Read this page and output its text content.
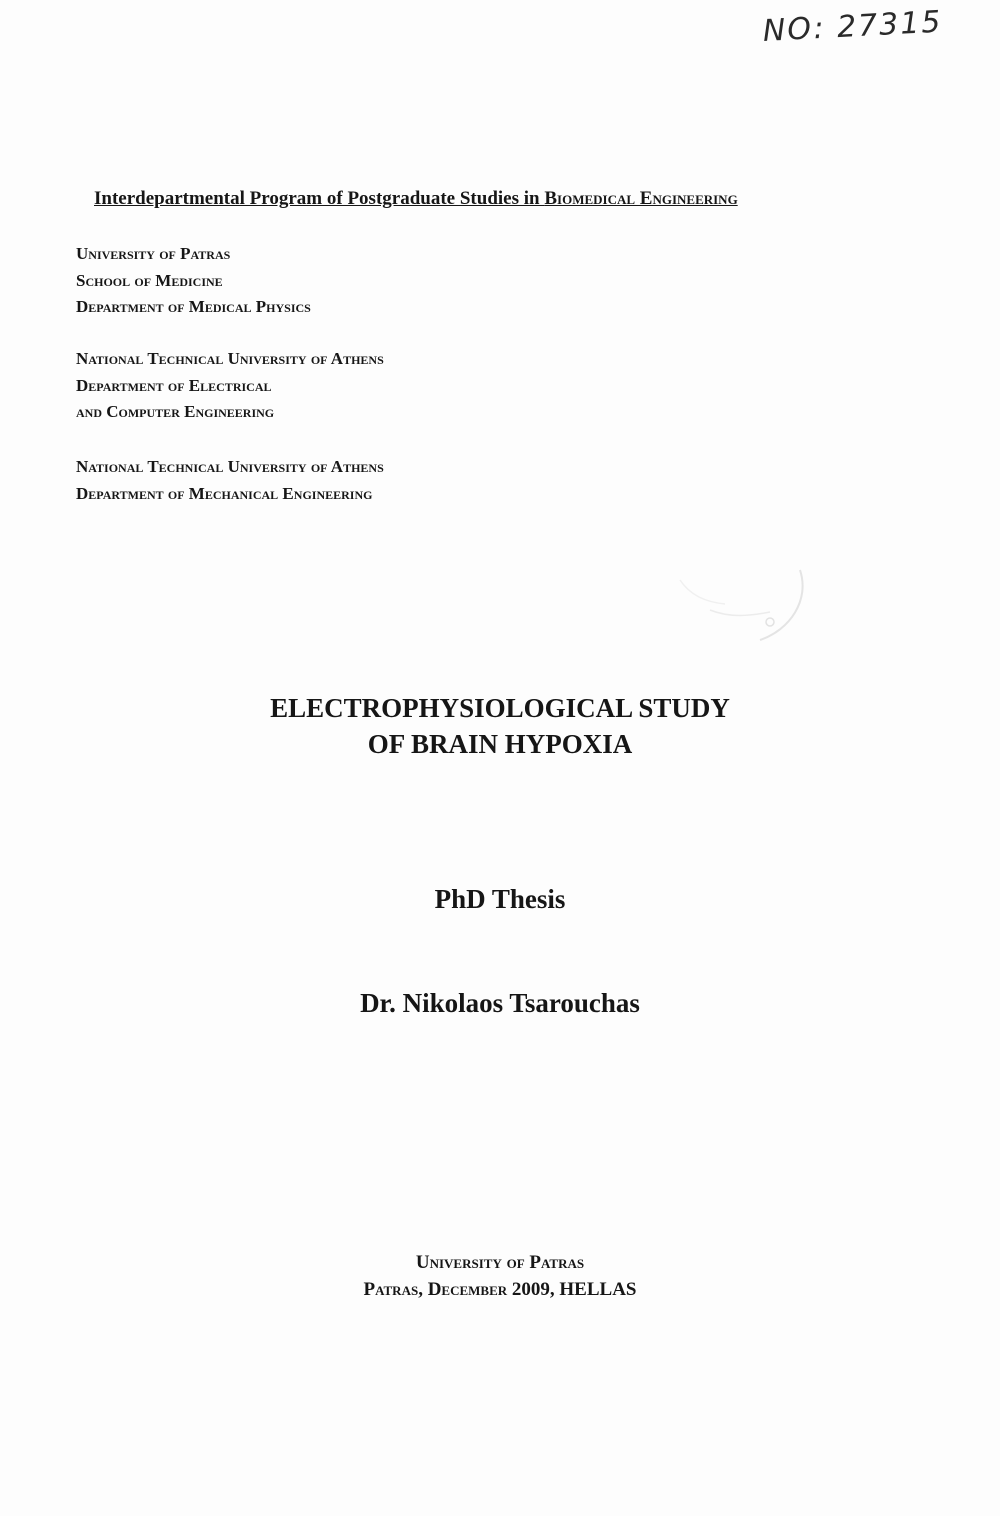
NO: 27315
Interdepartmental Program of Postgraduate Studies in Biomedical Engineering
University of Patras
School of Medicine
Department of Medical Physics
National Technical University of Athens
Department of Electrical
and Computer Engineering
National Technical University of Athens
Department of Mechanical Engineering
ELECTROPHYSIOLOGICAL STUDY
OF BRAIN HYPOXIA
PhD Thesis
Dr. Nikolaos Tsarouchas
University of Patras
Patras, December 2009, HELLAS
